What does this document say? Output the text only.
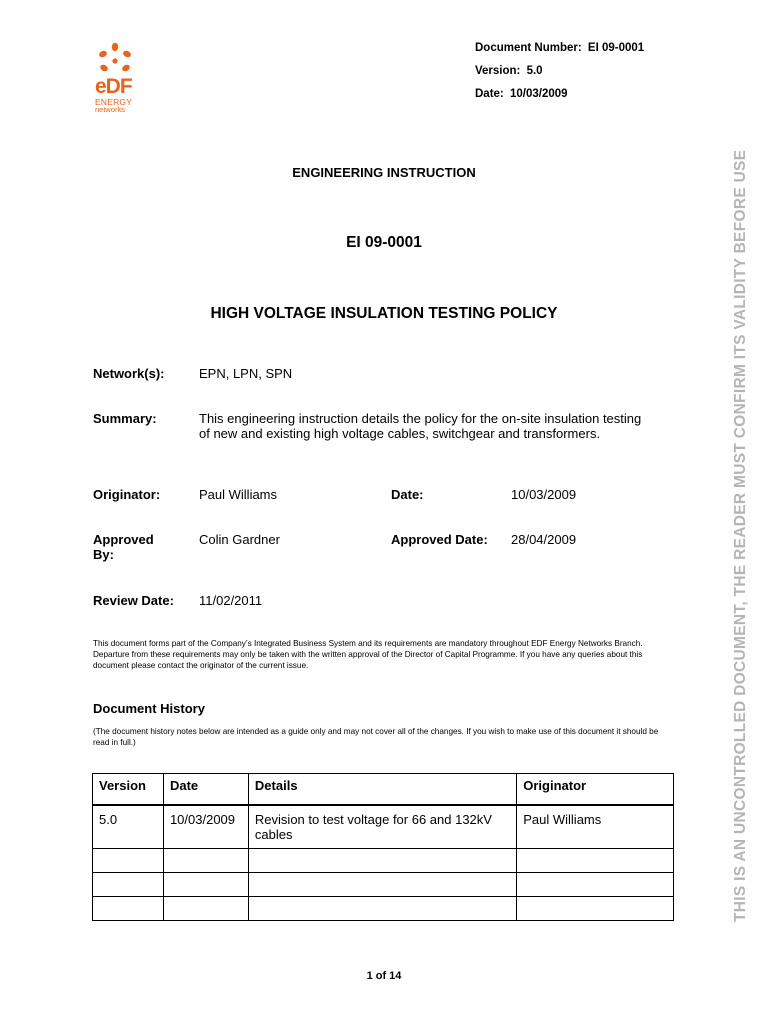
eDF
ENERGY
networks
Document Number: EI 09-0001
Version: 5.0
Date: 10/03/2009
THIS IS AN UNCONTROLLED DOCUMENT, THE READER MUST CONFIRM ITS VALIDITY BEFORE USE
ENGINEERING INSTRUCTION
EI 09-0001
HIGH VOLTAGE INSULATION TESTING POLICY
Network(s):	EPN, LPN, SPN
Summary:	This engineering instruction details the policy for the on-site insulation testing of new and existing high voltage cables, switchgear and transformers.
Originator:	Paul Williams	Date:	10/03/2009
Approved
By:
Colin Gardner	Approved Date: 28/04/2009
Review Date: 11/02/2011
This document forms part of the Company’s Integrated Business System and its requirements are mandatory throughout EDF Energy Networks Branch. Departure from these requirements may only be taken with the written approval of the Director of Capital Programme. If you have any queries about this document please contact the originator of the current issue.
Document History
(The document history notes below are intended as a guide only and may not cover all of the changes. If you wish to make use of this document it should be read in full.)
Version	Date	Details	Originator
5.0	10/03/2009	Revision to test voltage for 66 and 132kV cables	Paul Williams

1 of 14
